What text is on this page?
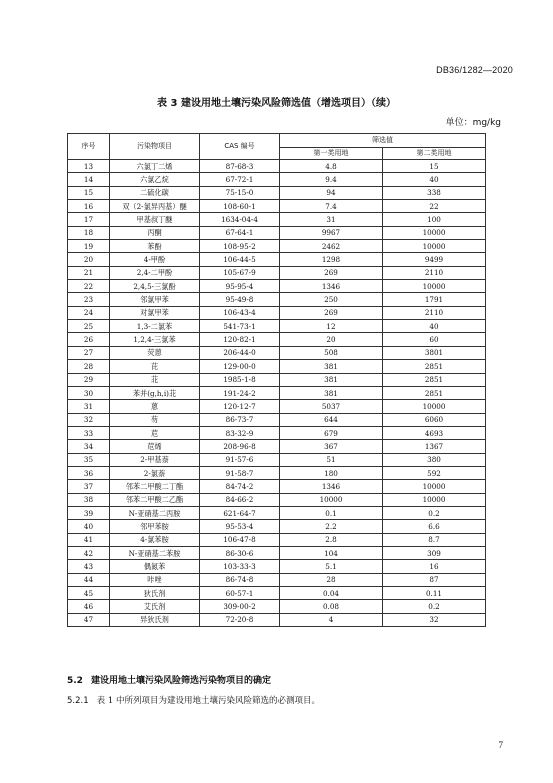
DB36/1282—2020
表 3 建设用地土壤污染风险筛选值（增选项目）（续）
单位：mg/kg
序号	污染物项目	CAS 编号	筛选值	
			第一类用地	第二类用地
13	六氯丁二烯	87-68-3	4.8	15
14	六氯乙烷	67-72-1	9.4	40
15	二硫化碳	75-15-0	94	338
16	双（2-氯异丙基）醚	108-60-1	7.4	22
17	甲基叔丁醚	1634-04-4	31	100
18	丙酮	67-64-1	9967	10000
19	苯酚	108-95-2	2462	10000
20	4-甲酚	106-44-5	1298	9499
21	2,4-二甲酚	105-67-9	269	2110
22	2,4,5-三氯酚	95-95-4	1346	10000
23	邻氯甲苯	95-49-8	250	1791
24	对氯甲苯	106-43-4	269	2110
25	1,3-二氯苯	541-73-1	12	40
26	1,2,4-三氯苯	120-82-1	20	60
27	荧蒽	206-44-0	508	3801
28	芘	129-00-0	381	2851
29	苝	1985-1-8	381	2851
30	苯并(g,h,i)苝	191-24-2	381	2851
31	蒽	120-12-7	5037	10000
32	芴	86-73-7	644	6060
33	苊	83-32-9	679	4693
34	苊烯	208-96-8	367	1367
35	2-甲基萘	91-57-6	51	380
36	2-氯萘	91-58-7	180	592
37	邻苯二甲酸二丁酯	84-74-2	1346	10000
38	邻苯二甲酸二乙酯	84-66-2	10000	10000
39	N-亚硝基二丙胺	621-64-7	0.1	0.2
40	邻甲苯胺	95-53-4	2.2	6.6
41	4-氯苯胺	106-47-8	2.8	8.7
42	N-亚硝基二苯胺	86-30-6	104	309
43	偶氮苯	103-33-3	5.1	16
44	咔唑	86-74-8	28	87
45	狄氏剂	60-57-1	0.04	0.11
46	艾氏剂	309-00-2	0.08	0.2
47	异狄氏剂	72-20-8	4	32
5.2 建设用地土壤污染风险筛选污染物项目的确定
5.2.1 表 1 中所列项目为建设用地土壤污染风险筛选的必测项目。
7
